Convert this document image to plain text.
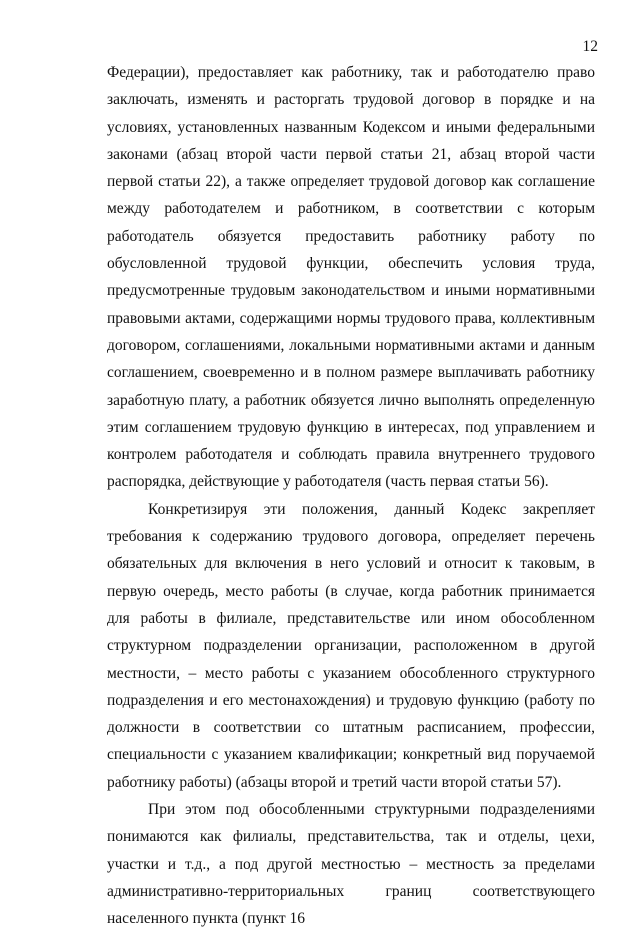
12

Федерации), предоставляет как работнику, так и работодателю право заключать, изменять и расторгать трудовой договор в порядке и на условиях, установленных названным Кодексом и иными федеральными законами (абзац второй части первой статьи 21, абзац второй части первой статьи 22), а также определяет трудовой договор как соглашение между работодателем и работником, в соответствии с которым работодатель обязуется предоставить работнику работу по обусловленной трудовой функции, обеспечить условия труда, предусмотренные трудовым законодательством и иными нормативными правовыми актами, содержащими нормы трудового права, коллективным договором, соглашениями, локальными нормативными актами и данным соглашением, своевременно и в полном размере выплачивать работнику заработную плату, а работник обязуется лично выполнять определенную этим соглашением трудовую функцию в интересах, под управлением и контролем работодателя и соблюдать правила внутреннего трудового распорядка, действующие у работодателя (часть первая статьи 56).

Конкретизируя эти положения, данный Кодекс закрепляет требования к содержанию трудового договора, определяет перечень обязательных для включения в него условий и относит к таковым, в первую очередь, место работы (в случае, когда работник принимается для работы в филиале, представительстве или ином обособленном структурном подразделении организации, расположенном в другой местности, – место работы с указанием обособленного структурного подразделения и его местонахождения) и трудовую функцию (работу по должности в соответствии со штатным расписанием, профессии, специальности с указанием квалификации; конкретный вид поручаемой работнику работы) (абзацы второй и третий части второй статьи 57).

При этом под обособленными структурными подразделениями понимаются как филиалы, представительства, так и отделы, цехи, участки и т.д., а под другой местностью – местность за пределами административно-территориальных границ соответствующего населенного пункта (пункт 16
